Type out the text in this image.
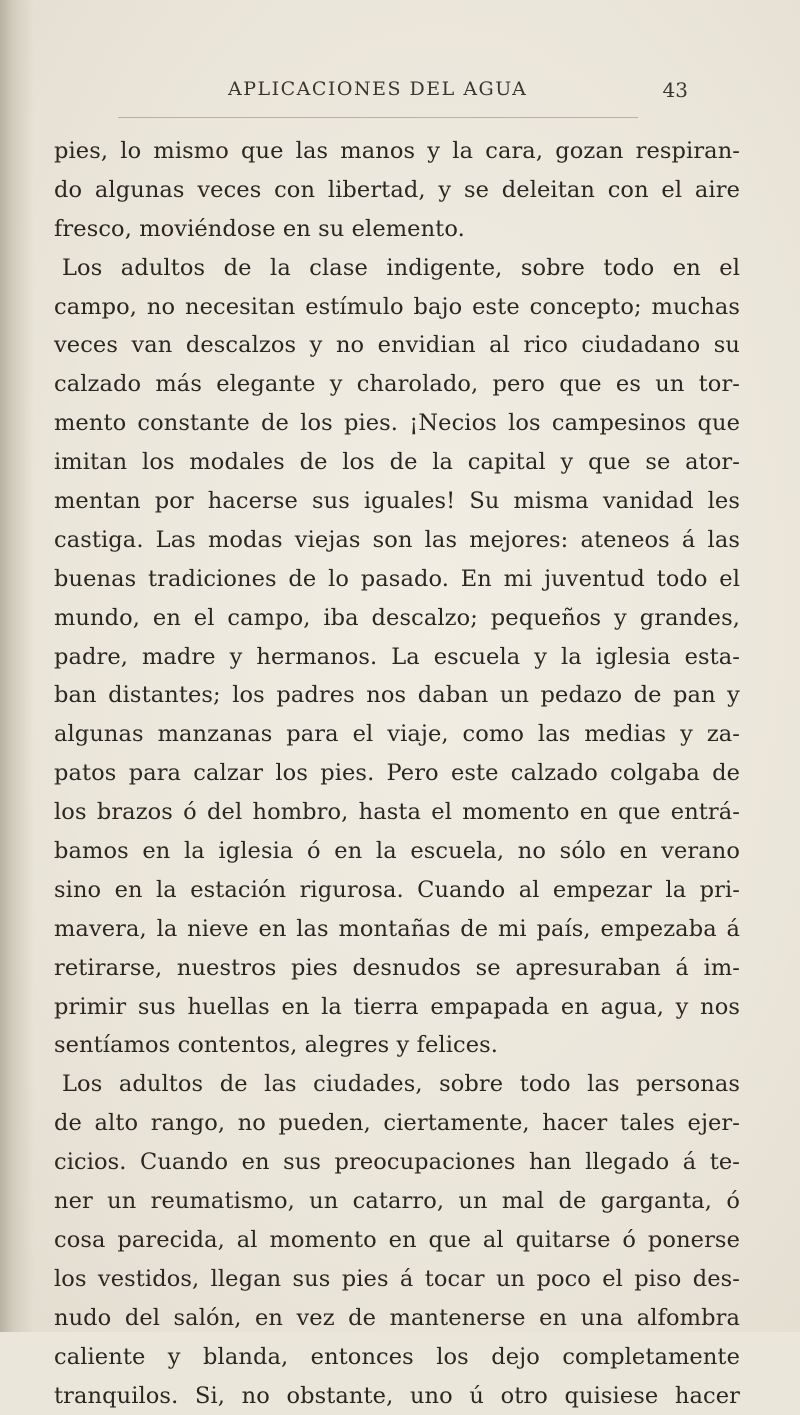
APLICACIONES DEL AGUA	43
pies, lo mismo que las manos y la cara, gozan respiran-
do algunas veces con libertad, y se deleitan con el aire
fresco, moviéndose en su elemento.
Los adultos de la clase indigente, sobre todo en el
campo, no necesitan estímulo bajo este concepto; muchas
veces van descalzos y no envidian al rico ciudadano su
calzado más elegante y charolado, pero que es un tor-
mento constante de los pies. ¡Necios los campesinos que
imitan los modales de los de la capital y que se ator-
mentan por hacerse sus iguales! Su misma vanidad les
castiga. Las modas viejas son las mejores: ateneos á las
buenas tradiciones de lo pasado. En mi juventud todo el
mundo, en el campo, iba descalzo; pequeños y grandes,
padre, madre y hermanos. La escuela y la iglesia esta-
ban distantes; los padres nos daban un pedazo de pan y
algunas manzanas para el viaje, como las medias y za-
patos para calzar los pies. Pero este calzado colgaba de
los brazos ó del hombro, hasta el momento en que entrá-
bamos en la iglesia ó en la escuela, no sólo en verano
sino en la estación rigurosa. Cuando al empezar la pri-
mavera, la nieve en las montañas de mi país, empezaba á
retirarse, nuestros pies desnudos se apresuraban á im-
primir sus huellas en la tierra empapada en agua, y nos
sentíamos contentos, alegres y felices.
Los adultos de las ciudades, sobre todo las personas
de alto rango, no pueden, ciertamente, hacer tales ejer-
cicios. Cuando en sus preocupaciones han llegado á te-
ner un reumatismo, un catarro, un mal de garganta, ó
cosa parecida, al momento en que al quitarse ó ponerse
los vestidos, llegan sus pies á tocar un poco el piso des-
nudo del salón, en vez de mantenerse en una alfombra
caliente y blanda, entonces los dejo completamente
tranquilos. Si, no obstante, uno ú otro quisiese hacer
